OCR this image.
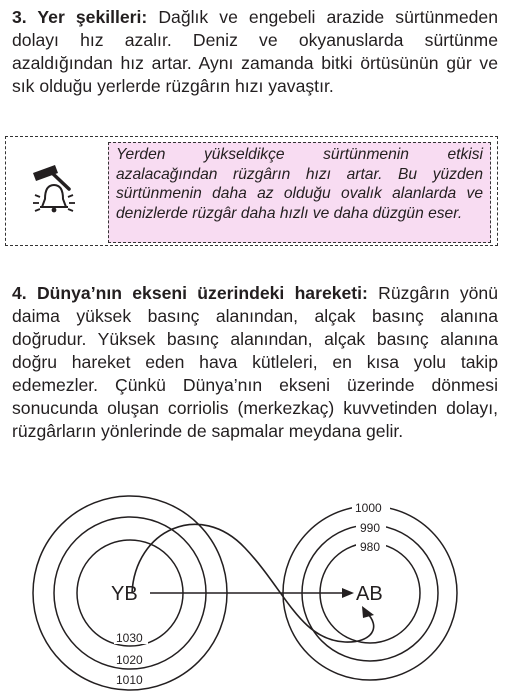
3. Yer şekilleri: Dağlık ve engebeli arazide sürtünmeden dolayı hız azalır. Deniz ve okyanuslarda sürtünme azaldığından hız artar. Aynı zamanda bitki örtüsünün gür ve sık olduğu yerlerde rüzgârın hızı yavaştır.

Yerden yükseldikçe sürtünmenin etkisi azalacağından rüzgârın hızı artar. Bu yüzden sürtünmenin daha az olduğu ovalık alanlarda ve denizlerde rüzgâr daha hızlı ve daha düzgün eser.

4. Dünya’nın ekseni üzerindeki hareketi: Rüzgârın yönü daima yüksek basınç alanından, alçak basınç alanına doğrudur. Yüksek basınç alanından, alçak basınç alanına doğru hareket eden hava kütleleri, en kısa yolu takip edemezler. Çünkü Dünya’nın ekseni üzerinde dönmesi sonucunda oluşan corriolis (merkezkaç) kuvvetinden dolayı, rüzgârların yönlerinde de sapmalar meydana gelir.

YB	AB
1030
1020
1010
1000
990
980
